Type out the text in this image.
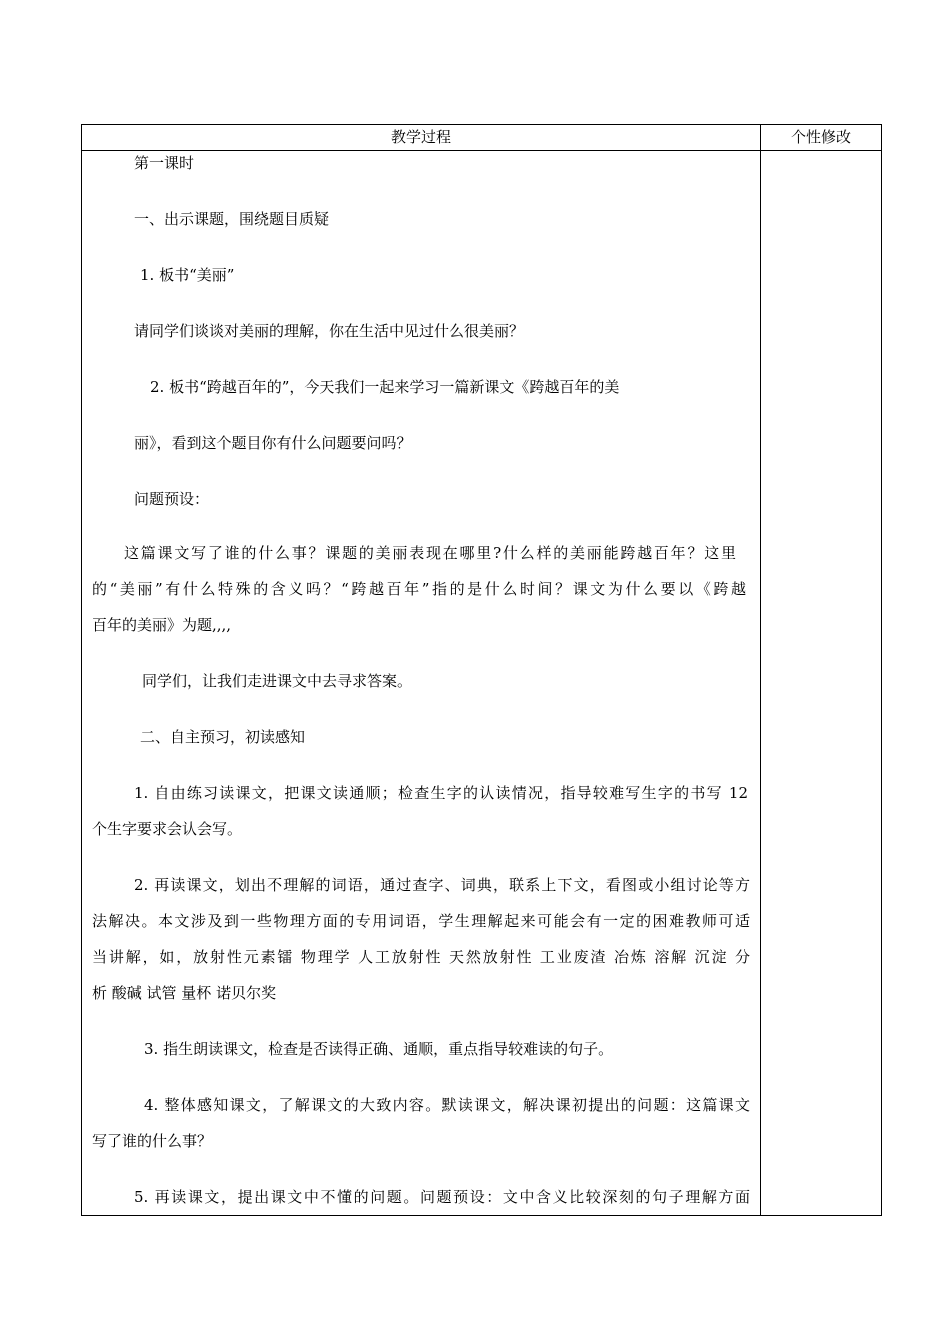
教学过程	个性修改
第一课时
一、出示课题，围绕题目质疑
1. 板书“美丽”
请同学们谈谈对美丽的理解，你在生活中见过什么很美丽？
2. 板书“跨越百年的”，今天我们一起来学习一篇新课文《跨越百年的美
丽》，看到这个题目你有什么问题要问吗？
问题预设：
这篇课文写了谁的什么事？课题的美丽表现在哪里?什么样的美丽能跨越百年？这里
的“美丽”有什么特殊的含义吗？“跨越百年”指的是什么时间？课文为什么要以《跨越
百年的美丽》为题,,,,
同学们，让我们走进课文中去寻求答案。
二、自主预习，初读感知
1. 自由练习读课文，把课文读通顺；检查生字的认读情况，指导较难写生字的书写 12
个生字要求会认会写。
2. 再读课文，划出不理解的词语，通过查字、词典，联系上下文，看图或小组讨论等方
法解决。本文涉及到一些物理方面的专用词语，学生理解起来可能会有一定的困难教师可适
当讲解，如，放射性元素镭 物理学 人工放射性 天然放射性 工业废渣 冶炼 溶解 沉淀 分
析 酸碱 试管 量杯 诺贝尔奖
3. 指生朗读课文，检查是否读得正确、通顺，重点指导较难读的句子。
4. 整体感知课文，了解课文的大致内容。默读课文，解决课初提出的问题：这篇课文
写了谁的什么事？
5. 再读课文，提出课文中不懂的问题。问题预设：文中含义比较深刻的句子理解方面
